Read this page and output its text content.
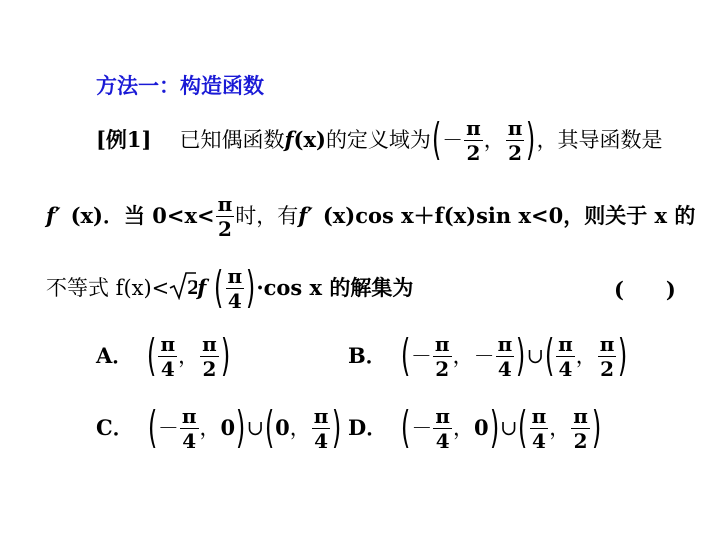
方法一：构造函数
[例1] 已知偶函数 f (x) 的定义域为 ( － $\frac{\pi}{2}$ ， $\frac{\pi}{2}$ ) ，其导函数是
f′ (x)．当 $0<x< \frac{\pi}{2}$ 时，有 f′ (x)cos x＋f(x)sin x<0，则关于 x 的
不等式 f(x)< 2
f ( $\frac{\pi}{4}$ ) ·cos x 的解集为	(　　)
A． ( $\frac{\pi}{4}$ ， $\frac{\pi}{2}$ )	B． ( － $\frac{\pi}{2}$ ， － $\frac{\pi}{4}$ ) ∪ ( $\frac{\pi}{4}$ ， $\frac{\pi}{2}$ )
C． ( － $\frac{\pi}{4}$ ， 0 ) ∪ ( 0 ， $\frac{\pi}{4}$ ) D． ( － $\frac{\pi}{4}$ ， 0 ) ∪ ( $\frac{\pi}{4}$ ， $\frac{\pi}{2}$ )
